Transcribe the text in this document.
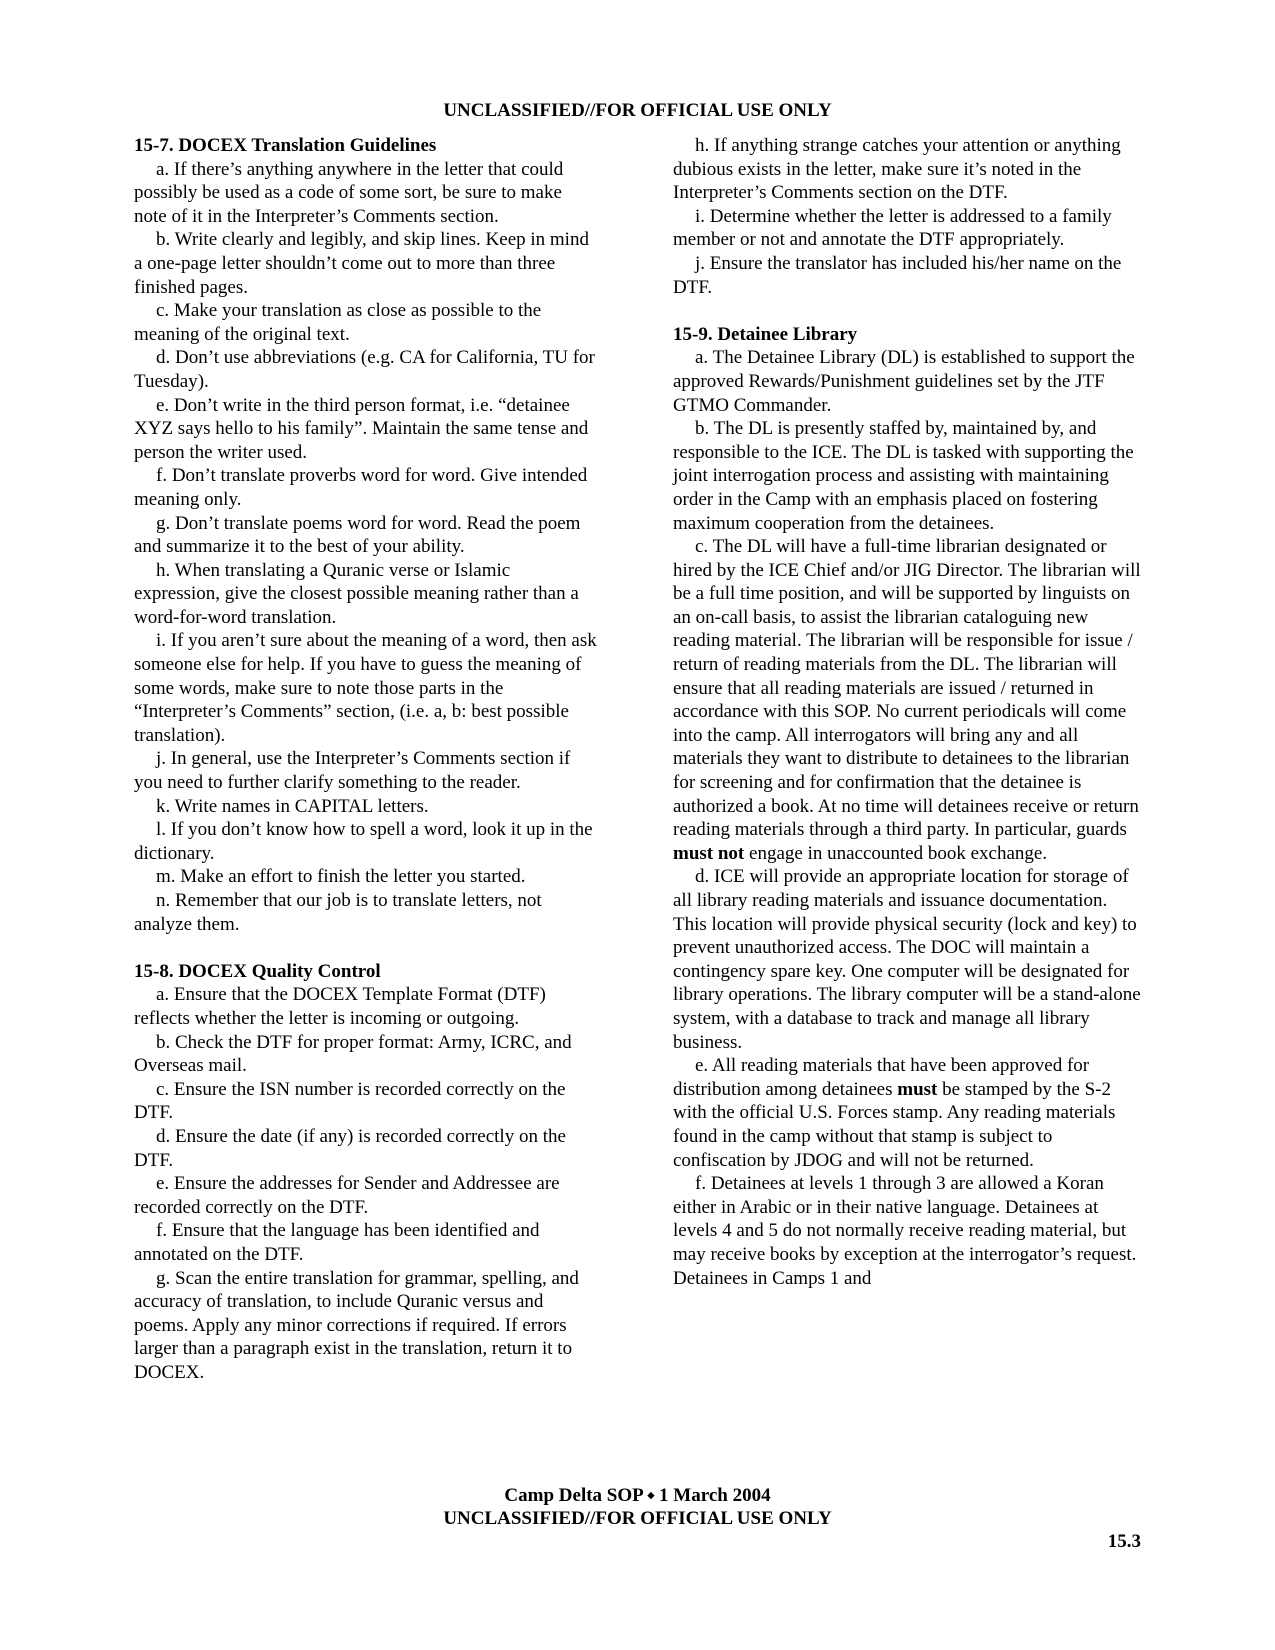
UNCLASSIFIED//FOR OFFICIAL USE ONLY

15-7. DOCEX Translation Guidelines

a. If there’s anything anywhere in the letter that could possibly be used as a code of some sort, be sure to make note of it in the Interpreter’s Comments section.

b. Write clearly and legibly, and skip lines. Keep in mind a one-page letter shouldn’t come out to more than three finished pages.

c. Make your translation as close as possible to the meaning of the original text.

d. Don’t use abbreviations (e.g. CA for California, TU for Tuesday).

e. Don’t write in the third person format, i.e. “detainee XYZ says hello to his family”. Maintain the same tense and person the writer used.

f. Don’t translate proverbs word for word. Give intended meaning only.

g. Don’t translate poems word for word. Read the poem and summarize it to the best of your ability.

h. When translating a Quranic verse or Islamic expression, give the closest possible meaning rather than a word-for-word translation.

i. If you aren’t sure about the meaning of a word, then ask someone else for help. If you have to guess the meaning of some words, make sure to note those parts in the “Interpreter’s Comments” section, (i.e. a, b: best possible translation).

j. In general, use the Interpreter’s Comments section if you need to further clarify something to the reader.

k. Write names in CAPITAL letters.

l. If you don’t know how to spell a word, look it up in the dictionary.

m. Make an effort to finish the letter you started.

n. Remember that our job is to translate letters, not analyze them.

15-8. DOCEX Quality Control

a. Ensure that the DOCEX Template Format (DTF) reflects whether the letter is incoming or outgoing.

b. Check the DTF for proper format: Army, ICRC, and Overseas mail.

c. Ensure the ISN number is recorded correctly on the DTF.

d. Ensure the date (if any) is recorded correctly on the DTF.

e. Ensure the addresses for Sender and Addressee are recorded correctly on the DTF.

f. Ensure that the language has been identified and annotated on the DTF.

g. Scan the entire translation for grammar, spelling, and accuracy of translation, to include Quranic versus and poems. Apply any minor corrections if required. If errors larger than a paragraph exist in the translation, return it to DOCEX.

h. If anything strange catches your attention or anything dubious exists in the letter, make sure it’s noted in the Interpreter’s Comments section on the DTF.

i. Determine whether the letter is addressed to a family member or not and annotate the DTF appropriately.

j. Ensure the translator has included his/her name on the DTF.

15-9. Detainee Library

a. The Detainee Library (DL) is established to support the approved Rewards/Punishment guidelines set by the JTF GTMO Commander.

b. The DL is presently staffed by, maintained by, and responsible to the ICE. The DL is tasked with supporting the joint interrogation process and assisting with maintaining order in the Camp with an emphasis placed on fostering maximum cooperation from the detainees.

c. The DL will have a full-time librarian designated or hired by the ICE Chief and/or JIG Director. The librarian will be a full time position, and will be supported by linguists on an on-call basis, to assist the librarian cataloguing new reading material. The librarian will be responsible for issue / return of reading materials from the DL. The librarian will ensure that all reading materials are issued / returned in accordance with this SOP. No current periodicals will come into the camp. All interrogators will bring any and all materials they want to distribute to detainees to the librarian for screening and for confirmation that the detainee is authorized a book. At no time will detainees receive or return reading materials through a third party. In particular, guards must not engage in unaccounted book exchange.

d. ICE will provide an appropriate location for storage of all library reading materials and issuance documentation. This location will provide physical security (lock and key) to prevent unauthorized access. The DOC will maintain a contingency spare key. One computer will be designated for library operations. The library computer will be a stand-alone system, with a database to track and manage all library business.

e. All reading materials that have been approved for distribution among detainees must be stamped by the S-2 with the official U.S. Forces stamp. Any reading materials found in the camp without that stamp is subject to confiscation by JDOG and will not be returned.

f. Detainees at levels 1 through 3 are allowed a Koran either in Arabic or in their native language. Detainees at levels 4 and 5 do not normally receive reading material, but may receive books by exception at the interrogator’s request. Detainees in Camps 1 and

Camp Delta SOP ⬩ 1 March 2004
UNCLASSIFIED//FOR OFFICIAL USE ONLY
15.3
